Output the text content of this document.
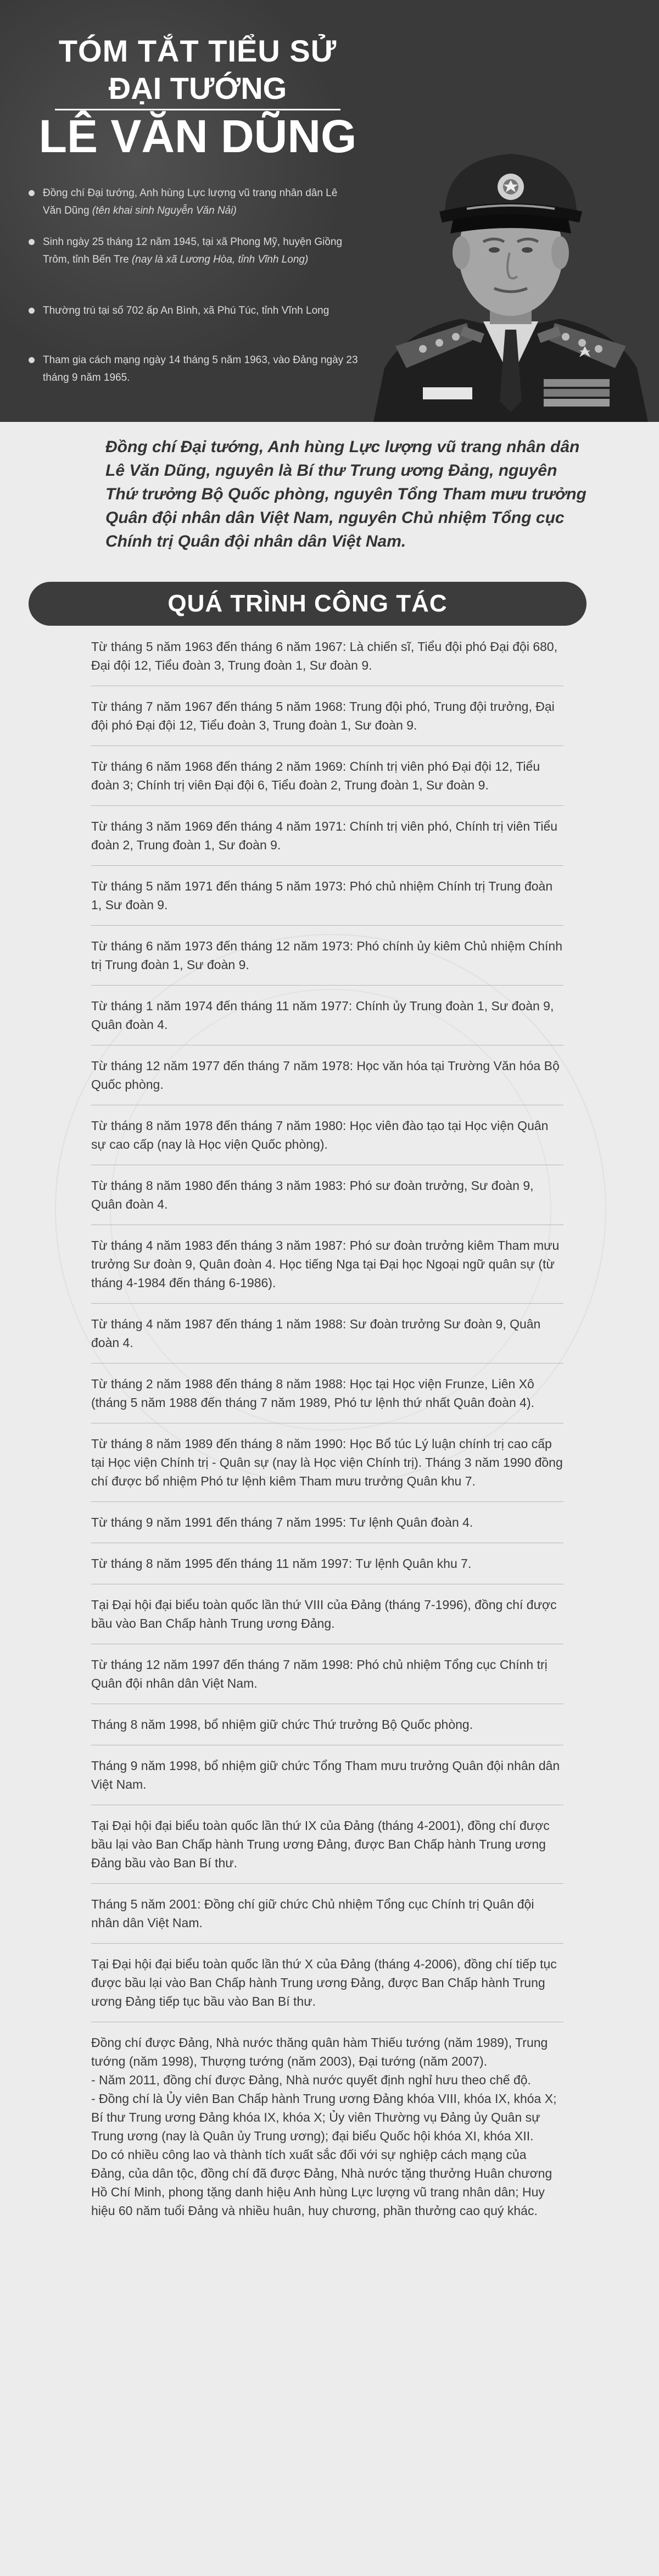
TÓM TẮT TIỂU SỬ
ĐẠI TƯỚNG
LÊ VĂN DŨNG
Đồng chí Đại tướng, Anh hùng Lực lượng vũ trang nhân dân Lê Văn Dũng (tên khai sinh Nguyễn Văn Nải)
Sinh ngày 25 tháng 12 năm 1945, tại xã Phong Mỹ, huyện Giồng Trôm, tỉnh Bến Tre (nay là xã Lương Hòa, tỉnh Vĩnh Long)
Thường trú tại số 702 ấp An Bình, xã Phú Túc, tỉnh Vĩnh Long
Tham gia cách mạng ngày 14 tháng 5 năm 1963, vào Đảng ngày 23 tháng 9 năm 1965.
Đồng chí Đại tướng, Anh hùng Lực lượng vũ trang nhân dân Lê Văn Dũng, nguyên là Bí thư Trung ương Đảng, nguyên Thứ trưởng Bộ Quốc phòng, nguyên Tổng Tham mưu trưởng Quân đội nhân dân Việt Nam, nguyên Chủ nhiệm Tổng cục Chính trị Quân đội nhân dân Việt Nam.
QUÁ TRÌNH CÔNG TÁC
Từ tháng 5 năm 1963 đến tháng 6 năm 1967: Là chiến sĩ, Tiểu đội phó Đại đội 680, Đại đội 12, Tiểu đoàn 3, Trung đoàn 1, Sư đoàn 9.
Từ tháng 7 năm 1967 đến tháng 5 năm 1968: Trung đội phó, Trung đội trưởng, Đại đội phó Đại đội 12, Tiểu đoàn 3, Trung đoàn 1, Sư đoàn 9.
Từ tháng 6 năm 1968 đến tháng 2 năm 1969: Chính trị viên phó Đại đội 12, Tiểu đoàn 3; Chính trị viên Đại đội 6, Tiểu đoàn 2, Trung đoàn 1, Sư đoàn 9.
Từ tháng 3 năm 1969 đến tháng 4 năm 1971: Chính trị viên phó, Chính trị viên Tiểu đoàn 2, Trung đoàn 1, Sư đoàn 9.
Từ tháng 5 năm 1971 đến tháng 5 năm 1973: Phó chủ nhiệm Chính trị Trung đoàn 1, Sư đoàn 9.
Từ tháng 6 năm 1973 đến tháng 12 năm 1973: Phó chính ủy kiêm Chủ nhiệm Chính trị Trung đoàn 1, Sư đoàn 9.
Từ tháng 1 năm 1974 đến tháng 11 năm 1977: Chính ủy Trung đoàn 1, Sư đoàn 9, Quân đoàn 4.
Từ tháng 12 năm 1977 đến tháng 7 năm 1978: Học văn hóa tại Trường Văn hóa Bộ Quốc phòng.
Từ tháng 8 năm 1978 đến tháng 7 năm 1980: Học viên đào tạo tại Học viện Quân sự cao cấp (nay là Học viện Quốc phòng).
Từ tháng 8 năm 1980 đến tháng 3 năm 1983: Phó sư đoàn trưởng, Sư đoàn 9, Quân đoàn 4.
Từ tháng 4 năm 1983 đến tháng 3 năm 1987: Phó sư đoàn trưởng kiêm Tham mưu trưởng Sư đoàn 9, Quân đoàn 4. Học tiếng Nga tại Đại học Ngoại ngữ quân sự (từ tháng 4-1984 đến tháng 6-1986).
Từ tháng 4 năm 1987 đến tháng 1 năm 1988: Sư đoàn trưởng Sư đoàn 9, Quân đoàn 4.
Từ tháng 2 năm 1988 đến tháng 8 năm 1988: Học tại Học viện Frunze, Liên Xô (tháng 5 năm 1988 đến tháng 7 năm 1989, Phó tư lệnh thứ nhất Quân đoàn 4).
Từ tháng 8 năm 1989 đến tháng 8 năm 1990: Học Bổ túc Lý luận chính trị cao cấp tại Học viện Chính trị - Quân sự (nay là Học viện Chính trị). Tháng 3 năm 1990 đồng chí được bổ nhiệm Phó tư lệnh kiêm Tham mưu trưởng Quân khu 7.
Từ tháng 9 năm 1991 đến tháng 7 năm 1995: Tư lệnh Quân đoàn 4.
Từ tháng 8 năm 1995 đến tháng 11 năm 1997: Tư lệnh Quân khu 7.
Tại Đại hội đại biểu toàn quốc lần thứ VIII của Đảng (tháng 7-1996), đồng chí được bầu vào Ban Chấp hành Trung ương Đảng.
Từ tháng 12 năm 1997 đến tháng 7 năm 1998: Phó chủ nhiệm Tổng cục Chính trị Quân đội nhân dân Việt Nam.
Tháng 8 năm 1998, bổ nhiệm giữ chức Thứ trưởng Bộ Quốc phòng.
Tháng 9 năm 1998, bổ nhiệm giữ chức Tổng Tham mưu trưởng Quân đội nhân dân Việt Nam.
Tại Đại hội đại biểu toàn quốc lần thứ IX của Đảng (tháng 4-2001), đồng chí được bầu lại vào Ban Chấp hành Trung ương Đảng, được Ban Chấp hành Trung ương Đảng bầu vào Ban Bí thư.
Tháng 5 năm 2001: Đồng chí giữ chức Chủ nhiệm Tổng cục Chính trị Quân đội nhân dân Việt Nam.
Tại Đại hội đại biểu toàn quốc lần thứ X của Đảng (tháng 4-2006), đồng chí tiếp tục được bầu lại vào Ban Chấp hành Trung ương Đảng, được Ban Chấp hành Trung ương Đảng tiếp tục bầu vào Ban Bí thư.
Đồng chí được Đảng, Nhà nước thăng quân hàm Thiếu tướng (năm 1989), Trung tướng (năm 1998), Thượng tướng (năm 2003), Đại tướng (năm 2007).
- Năm 2011, đồng chí được Đảng, Nhà nước quyết định nghỉ hưu theo chế độ.
- Đồng chí là Ủy viên Ban Chấp hành Trung ương Đảng khóa VIII, khóa IX, khóa X; Bí thư Trung ương Đảng khóa IX, khóa X; Ủy viên Thường vụ Đảng ủy Quân sự Trung ương (nay là Quân ủy Trung ương); đại biểu Quốc hội khóa XI, khóa XII.
Do có nhiều công lao và thành tích xuất sắc đối với sự nghiệp cách mạng của Đảng, của dân tộc, đồng chí đã được Đảng, Nhà nước tặng thưởng Huân chương Hồ Chí Minh, phong tặng danh hiệu Anh hùng Lực lượng vũ trang nhân dân; Huy hiệu 60 năm tuổi Đảng và nhiều huân, huy chương, phần thưởng cao quý khác.
